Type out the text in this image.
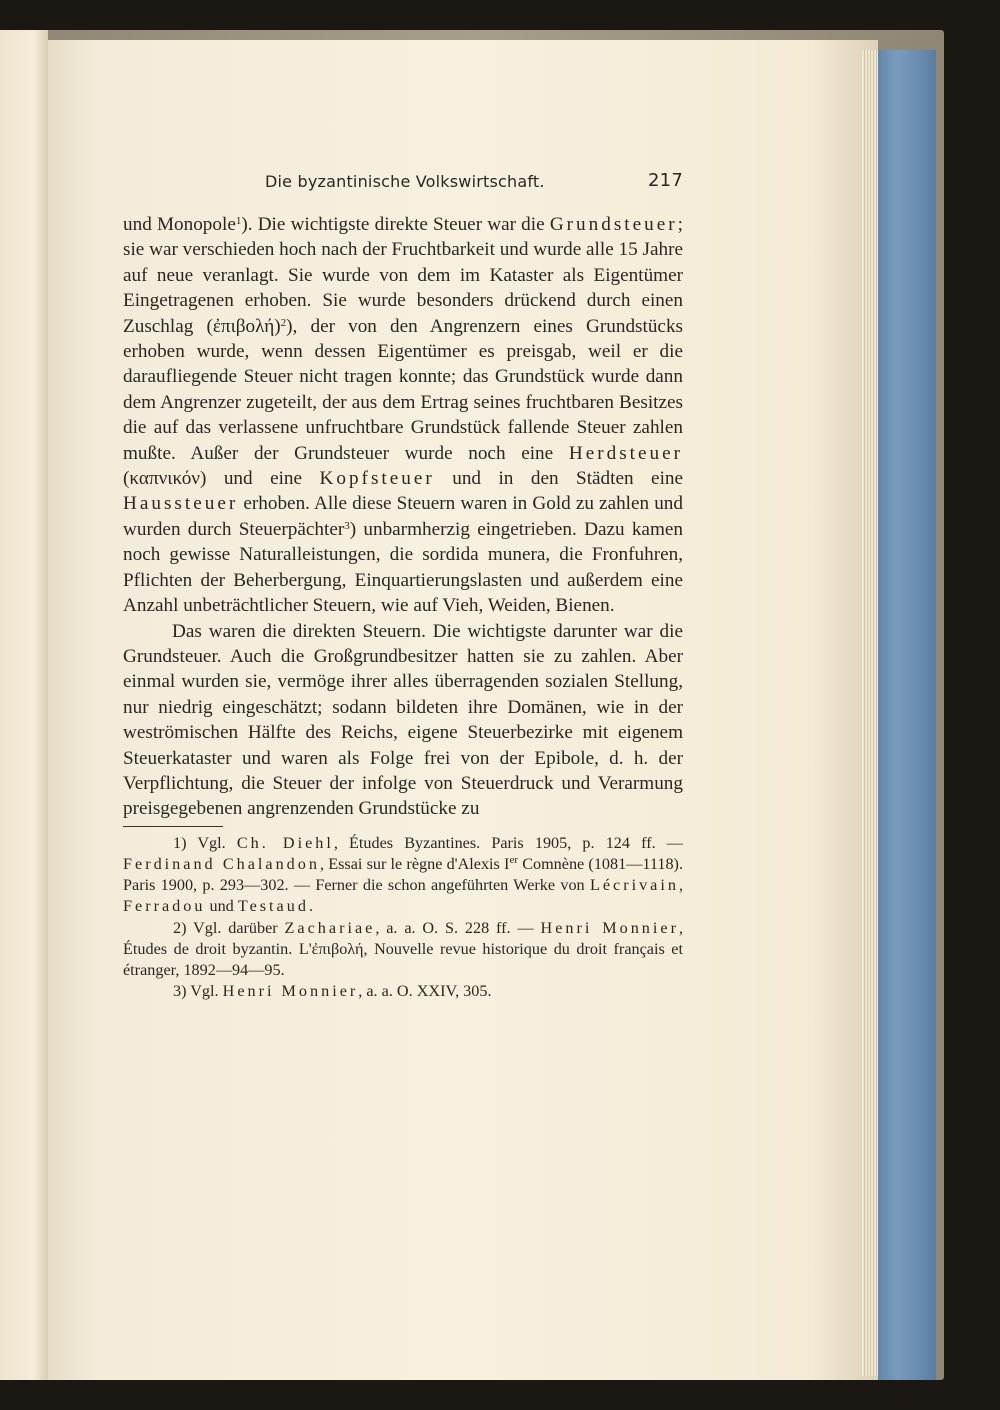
Die byzantinische Volkswirtschaft.	217

und Monopole$^1$). Die wichtigste direkte Steuer war die Grundsteuer; sie war verschieden hoch nach der Fruchtbarkeit und wurde alle 15 Jahre auf neue veranlagt. Sie wurde von dem im Kataster als Eigentümer Eingetragenen erhoben. Sie wurde besonders drückend durch einen Zuschlag (ἐπιβολή)$^2$), der von den Angrenzern eines Grundstücks erhoben wurde, wenn dessen Eigentümer es preisgab, weil er die daraufliegende Steuer nicht tragen konnte; das Grundstück wurde dann dem Angrenzer zugeteilt, der aus dem Ertrag seines fruchtbaren Besitzes die auf das verlassene unfruchtbare Grundstück fallende Steuer zahlen mußte. Außer der Grundsteuer wurde noch eine Herdsteuer (καπνικόν) und eine Kopfsteuer und in den Städten eine Haussteuer erhoben. Alle diese Steuern waren in Gold zu zahlen und wurden durch Steuerpächter$^3$) unbarmherzig eingetrieben. Dazu kamen noch gewisse Naturalleistungen, die sordida munera, die Fronfuhren, Pflichten der Beherbergung, Einquartierungslasten und außerdem eine Anzahl unbeträchtlicher Steuern, wie auf Vieh, Weiden, Bienen.

Das waren die direkten Steuern. Die wichtigste darunter war die Grundsteuer. Auch die Großgrundbesitzer hatten sie zu zahlen. Aber einmal wurden sie, vermöge ihrer alles überragenden sozialen Stellung, nur niedrig eingeschätzt; sodann bildeten ihre Domänen, wie in der weströmischen Hälfte des Reichs, eigene Steuerbezirke mit eigenem Steuerkataster und waren als Folge frei von der Epibole, d. h. der Verpflichtung, die Steuer der infolge von Steuerdruck und Verarmung preisgegebenen angrenzenden Grundstücke zu

1) Vgl. Ch. Diehl, Études Byzantines. Paris 1905, p. 124 ff. — Ferdinand Chalandon, Essai sur le règne d'Alexis Ier Comnène (1081—1118). Paris 1900, p. 293—302. — Ferner die schon angeführten Werke von Lécrivain, Ferradou und Testaud.

2) Vgl. darüber Zachariae, a. a. O. S. 228 ff. — Henri Monnier, Études de droit byzantin. L'ἐπιβολή, Nouvelle revue historique du droit français et étranger, 1892—94—95.

3) Vgl. Henri Monnier, a. a. O. XXIV, 305.
